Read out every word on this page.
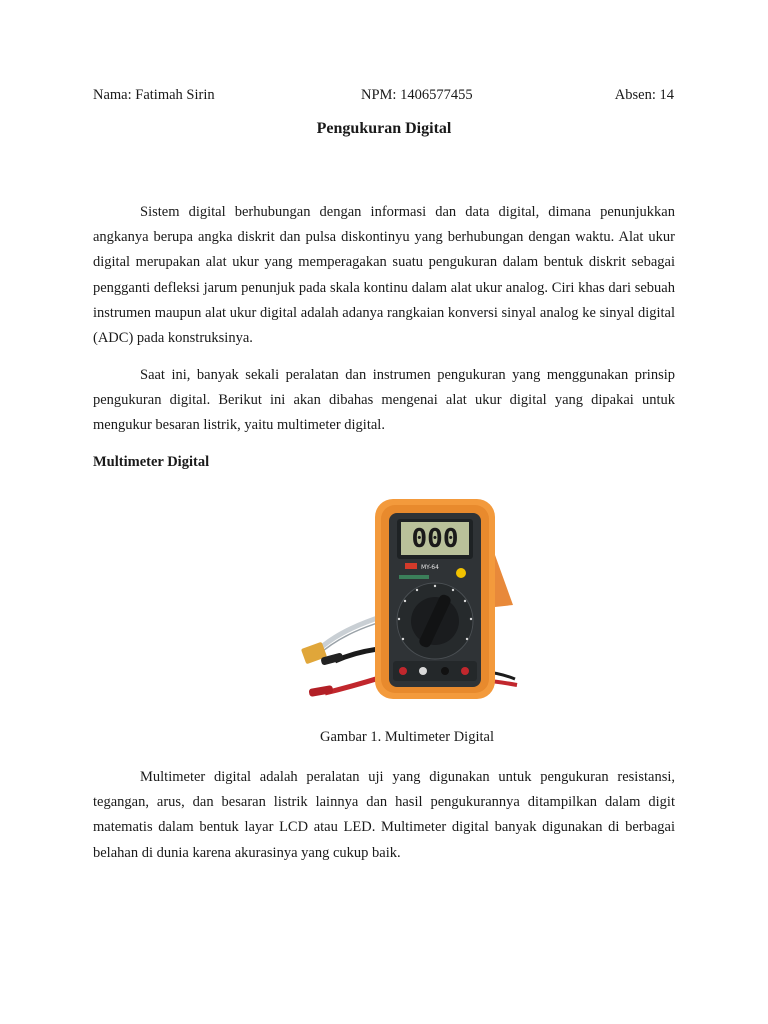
Nama: Fatimah Sirin	NPM: 1406577455	Absen: 14
Pengukuran Digital

Sistem digital berhubungan dengan informasi dan data digital, dimana penunjukkan angkanya berupa angka diskrit dan pulsa diskontinyu yang berhubungan dengan waktu. Alat ukur digital merupakan alat ukur yang memperagakan suatu pengukuran dalam bentuk diskrit sebagai pengganti defleksi jarum penunjuk pada skala kontinu dalam alat ukur analog. Ciri khas dari sebuah instrumen maupun alat ukur digital adalah adanya rangkaian konversi sinyal analog ke sinyal digital (ADC) pada konstruksinya.

Saat ini, banyak sekali peralatan dan instrumen pengukuran yang menggunakan prinsip pengukuran digital. Berikut ini akan dibahas mengenai alat ukur digital yang dipakai untuk mengukur besaran listrik, yaitu multimeter digital.

Multimeter Digital
000
MY-64
Gambar 1. Multimeter Digital

Multimeter digital adalah peralatan uji yang digunakan untuk pengukuran resistansi, tegangan, arus, dan besaran listrik lainnya dan hasil pengukurannya ditampilkan dalam digit matematis dalam bentuk layar LCD atau LED. Multimeter digital banyak digunakan di berbagai belahan di dunia karena akurasinya yang cukup baik.
